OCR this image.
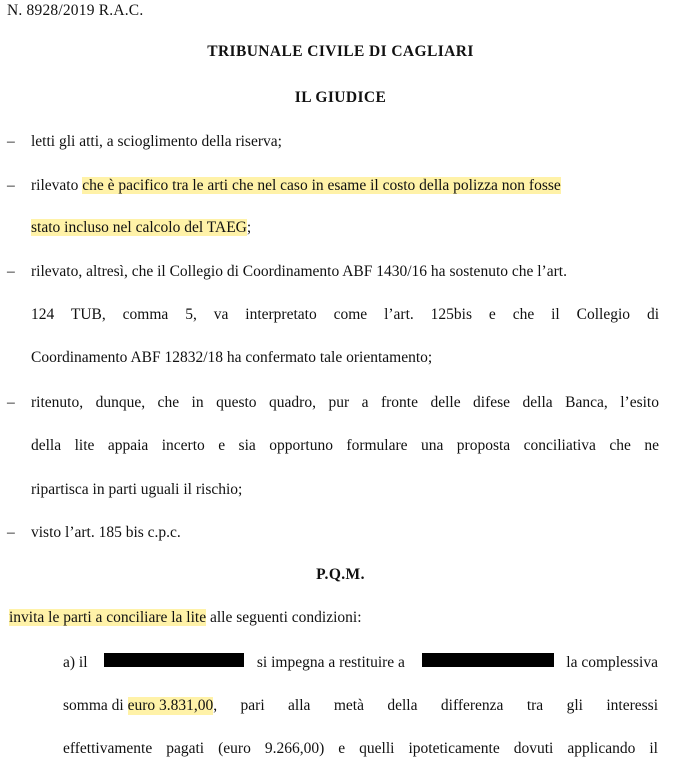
N. 8928/2019 R.A.C.
TRIBUNALE CIVILE DI CAGLIARI
IL GIUDICE
– letti gli atti, a scioglimento della riserva;
– rilevato che è pacifico tra le arti che nel caso in esame il costo della polizza non fosse
stato incluso nel calcolo del TAEG;
– rilevato, altresì, che il Collegio di Coordinamento ABF 1430/16 ha sostenuto che l’art.
124 TUB, comma 5, va interpretato come l’art. 125bis e che il Collegio di
Coordinamento ABF 12832/18 ha confermato tale orientamento;
– ritenuto, dunque, che in questo quadro, pur a fronte delle difese della Banca, l’esito
della lite appaia incerto e sia opportuno formulare una proposta conciliativa che ne
ripartisca in parti uguali il rischio;
– visto l’art. 185 bis c.p.c.
P.Q.M.
invita le parti a conciliare la lite alle seguenti condizioni:
a) il	si impegna a restituire a	la complessiva
somma di euro 3.831,00 , pari alla metà della differenza tra gli interessi
effettivamente pagati (euro 9.266,00) e quelli ipoteticamente dovuti applicando il
